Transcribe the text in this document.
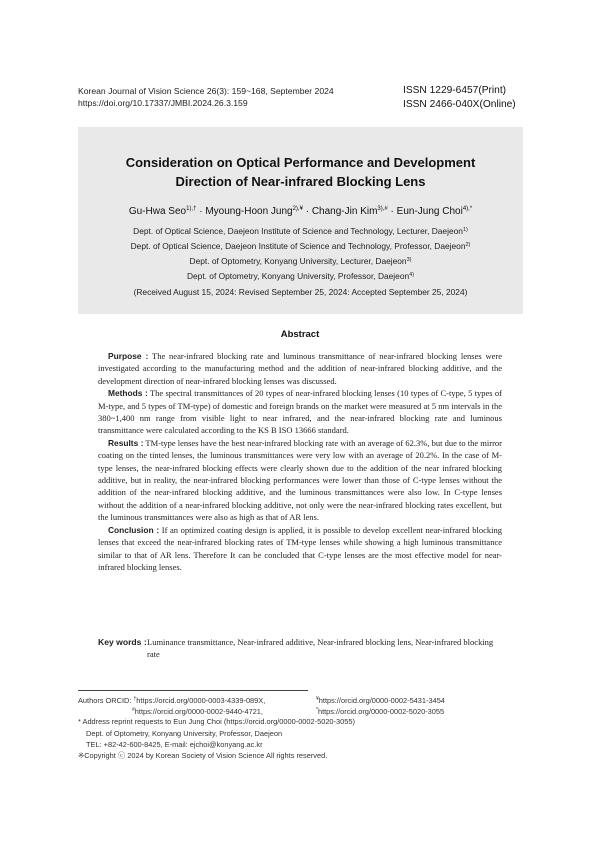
Korean Journal of Vision Science 26(3): 159~168, September 2024
https://doi.org/10.17337/JMBI.2024.26.3.159
ISSN 1229-6457(Print)
ISSN 2466-040X(Online)
Consideration on Optical Performance and Development
Direction of Near-infrared Blocking Lens
Gu-Hwa Seo$^{1),\dagger}$ · Myoung-Hoon Jung$^{2),¥}$ · Chang-Jin Kim$^{3),\#}$ · Eun-Jung Choi$^{4),*}$
Dept. of Optical Science, Daejeon Institute of Science and Technology, Lecturer, Daejeon$^{1)}$
Dept. of Optical Science, Daejeon Institute of Science and Technology, Professor, Daejeon$^{2)}$
Dept. of Optometry, Konyang University, Lecturer, Daejeon$^{3)}$
Dept. of Optometry, Konyang University, Professor, Daejeon$^{4)}$
(Received August 15, 2024: Revised September 25, 2024: Accepted September 25, 2024)
Abstract

Purpose : The near-infrared blocking rate and luminous transmittance of near-infrared blocking lenses were investigated according to the manufacturing method and the addition of near-infrared blocking additive, and the development direction of near-infrared blocking lenses was discussed.

Methods : The spectral transmittances of 20 types of near-infrared blocking lenses (10 types of C-type, 5 types of M-type, and 5 types of TM-type) of domestic and foreign brands on the market were measured at 5 nm intervals in the 380~1,400 nm range from visible light to near infrared, and the near-infrared blocking rate and luminous transmittance were calculated according to the KS B ISO 13666 standard.

Results : TM-type lenses have the best near-infrared blocking rate with an average of 62.3%, but due to the mirror coating on the tinted lenses, the luminous transmittances were very low with an average of 20.2%. In the case of M-type lenses, the near-infrared blocking effects were clearly shown due to the addition of the near infrared blocking additive, but in reality, the near-infrared blocking performances were lower than those of C-type lenses without the addition of the near-infrared blocking additive, and the luminous transmittances were also low. In C-type lenses without the addition of a near-infrared blocking additive, not only were the near-infrared blocking rates excellent, but the luminous transmittances were also as high as that of AR lens.

Conclusion : If an optimized coating design is applied, it is possible to develop excellent near-infrared blocking lenses that exceed the near-infrared blocking rates of TM-type lenses while showing a high luminous transmittance similar to that of AR lens. Therefore It can be concluded that C-type lenses are the most effective model for near-infrared blocking lenses.

Key words : Luminance transmittance, Near-infrared additive, Near-infrared blocking lens, Near-infrared blocking rate
Authors ORCID: †https://orcid.org/0000-0003-4339-089X,	¥https://orcid.org/0000-0002-5431-3454
#https://orcid.org/0000-0002-9440-4721,	*https://orcid.org/0000-0002-5020-3055
* Address reprint requests to Eun Jung Choi (https://orcid.org/0000-0002-5020-3055)
Dept. of Optometry, Konyang University, Professor, Daejeon
TEL: +82-42-600-8425, E-mail: ejchoi@konyang.ac.kr
※Copyright ⓒ 2024 by Korean Society of Vision Science All rights reserved.
